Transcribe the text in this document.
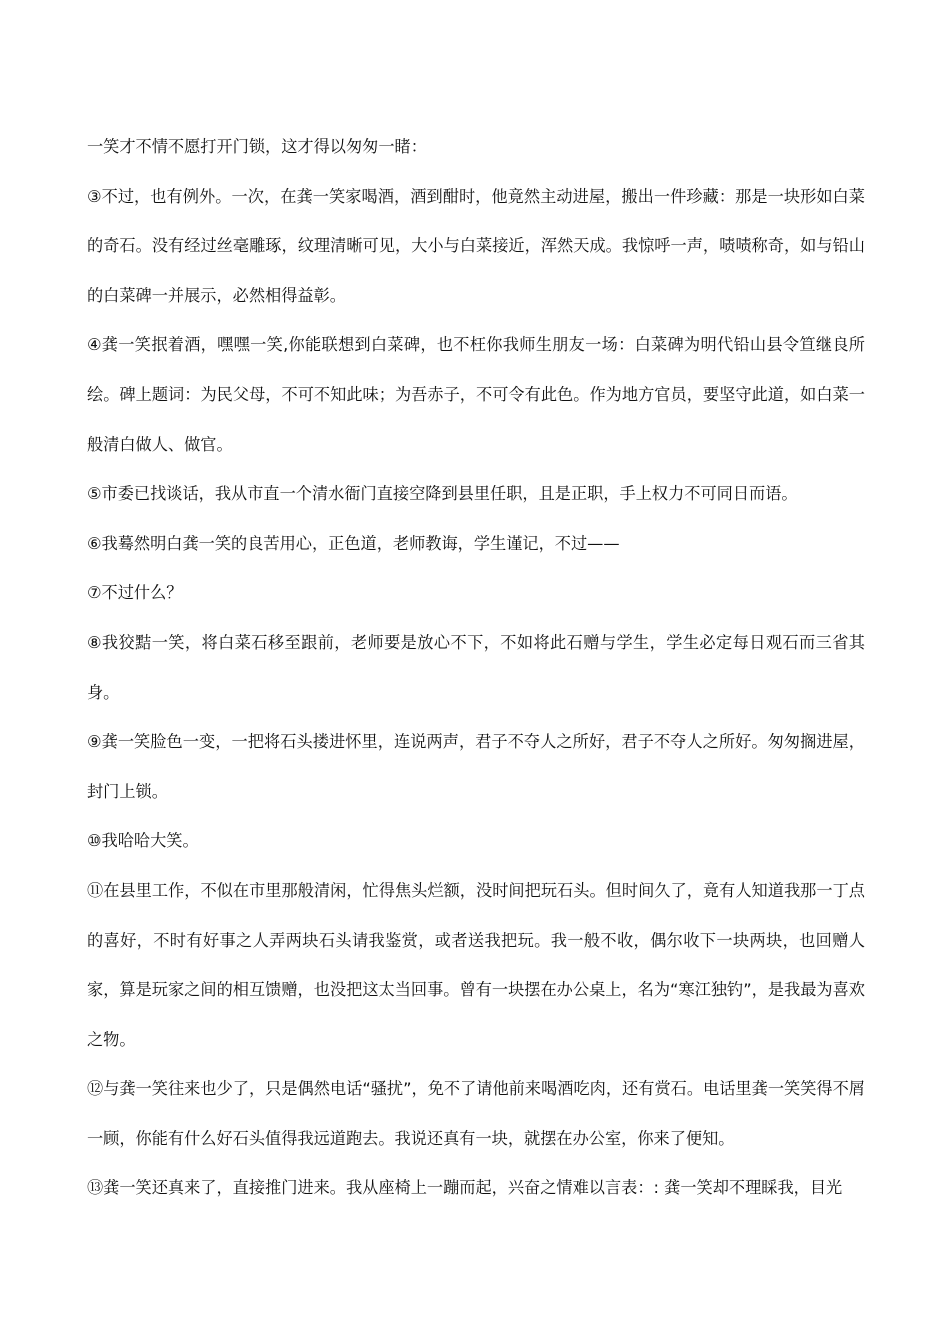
一笑才不情不愿打开门锁，这才得以匆匆一睹：

③不过，也有例外。一次，在龚一笑家喝酒，酒到酣时，他竟然主动进屋，搬出一件珍藏：那是一块形如白菜的奇石。没有经过丝毫雕琢，纹理清晰可见，大小与白菜接近，浑然天成。我惊呼一声，啧啧称奇，如与铅山的白菜碑一并展示，必然相得益彰。

④龚一笑抿着酒，嘿嘿一笑,你能联想到白菜碑，也不枉你我师生朋友一场：白菜碑为明代铅山县令笪继良所绘。碑上题词：为民父母，不可不知此味；为吾赤子，不可令有此色。作为地方官员，要坚守此道，如白菜一般清白做人、做官。

⑤市委已找谈话，我从市直一个清水衙门直接空降到县里任职，且是正职，手上权力不可同日而语。

⑥我蓦然明白龚一笑的良苦用心，正色道，老师教诲，学生谨记，不过——

⑦不过什么？

⑧我狡黠一笑，将白菜石移至跟前，老师要是放心不下，不如将此石赠与学生，学生必定每日观石而三省其身。

⑨龚一笑脸色一变，一把将石头搂进怀里，连说两声，君子不夺人之所好，君子不夺人之所好。匆匆搁进屋，封门上锁。

⑩我哈哈大笑。

⑪在县里工作，不似在市里那般清闲，忙得焦头烂额，没时间把玩石头。但时间久了，竟有人知道我那一丁点的喜好，不时有好事之人弄两块石头请我鉴赏，或者送我把玩。我一般不收，偶尔收下一块两块，也回赠人家，算是玩家之间的相互馈赠，也没把这太当回事。曾有一块摆在办公桌上，名为“寒江独钓”，是我最为喜欢之物。

⑫与龚一笑往来也少了，只是偶然电话“骚扰”，免不了请他前来喝酒吃肉，还有赏石。电话里龚一笑笑得不屑一顾，你能有什么好石头值得我远道跑去。我说还真有一块，就摆在办公室，你来了便知。

⑬龚一笑还真来了，直接推门进来。我从座椅上一蹦而起，兴奋之情难以言表：: 龚一笑却不理睬我，目光
